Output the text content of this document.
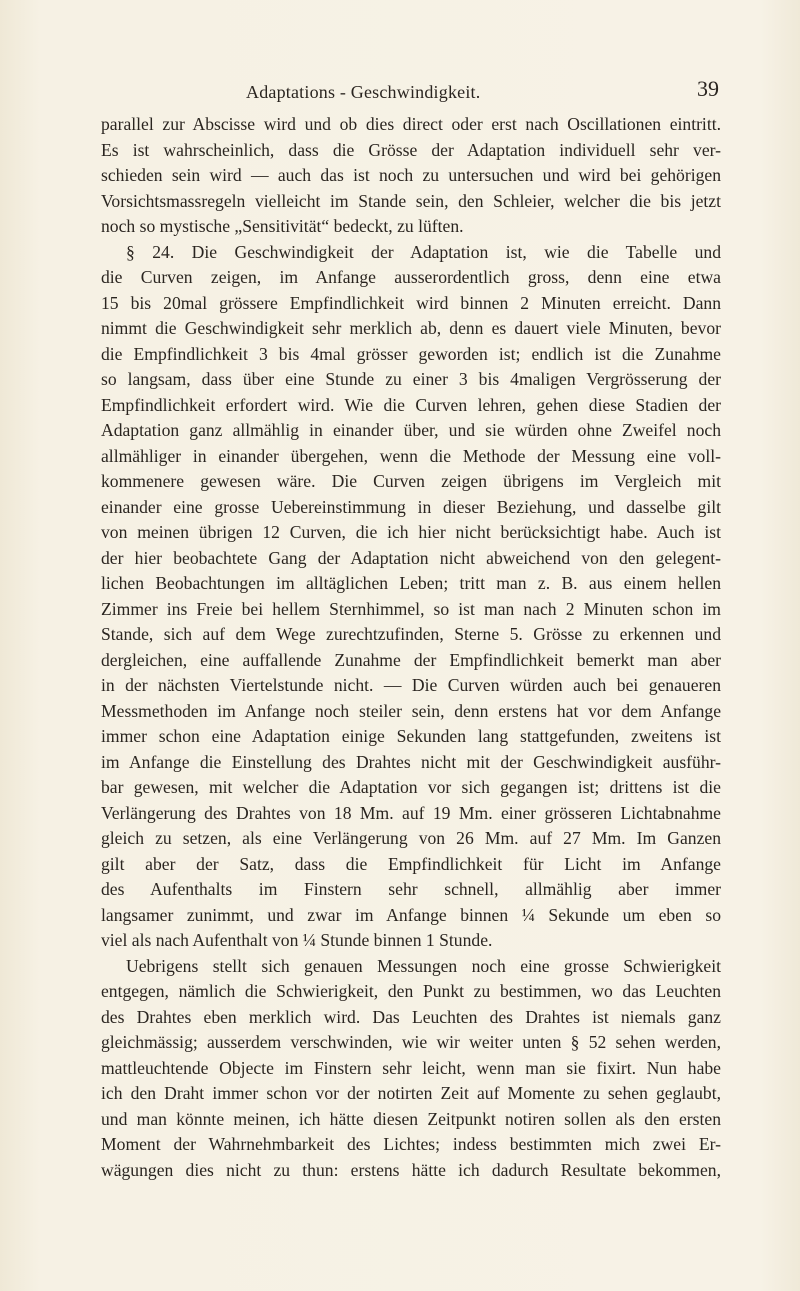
Adaptations - Geschwindigkeit.	39
parallel zur Abscisse wird und ob dies direct oder erst nach Oscillationen eintritt.
Es ist wahrscheinlich, dass die Grösse der Adaptation individuell sehr ver-
schieden sein wird — auch das ist noch zu untersuchen und wird bei gehörigen
Vorsichtsmassregeln vielleicht im Stande sein, den Schleier, welcher die bis jetzt
noch so mystische „Sensitivität“ bedeckt, zu lüften.
§ 24. Die Geschwindigkeit der Adaptation ist, wie die Tabelle und
die Curven zeigen, im Anfange ausserordentlich gross, denn eine etwa
15 bis 20mal grössere Empfindlichkeit wird binnen 2 Minuten erreicht. Dann
nimmt die Geschwindigkeit sehr merklich ab, denn es dauert viele Minuten, bevor
die Empfindlichkeit 3 bis 4mal grösser geworden ist; endlich ist die Zunahme
so langsam, dass über eine Stunde zu einer 3 bis 4maligen Vergrösserung der
Empfindlichkeit erfordert wird. Wie die Curven lehren, gehen diese Stadien der
Adaptation ganz allmählig in einander über, und sie würden ohne Zweifel noch
allmähliger in einander übergehen, wenn die Methode der Messung eine voll-
kommenere gewesen wäre. Die Curven zeigen übrigens im Vergleich mit
einander eine grosse Uebereinstimmung in dieser Beziehung, und dasselbe gilt
von meinen übrigen 12 Curven, die ich hier nicht berücksichtigt habe. Auch ist
der hier beobachtete Gang der Adaptation nicht abweichend von den gelegent-
lichen Beobachtungen im alltäglichen Leben; tritt man z. B. aus einem hellen
Zimmer ins Freie bei hellem Sternhimmel, so ist man nach 2 Minuten schon im
Stande, sich auf dem Wege zurechtzufinden, Sterne 5. Grösse zu erkennen und
dergleichen, eine auffallende Zunahme der Empfindlichkeit bemerkt man aber
in der nächsten Viertelstunde nicht. — Die Curven würden auch bei genaueren
Messmethoden im Anfange noch steiler sein, denn erstens hat vor dem Anfange
immer schon eine Adaptation einige Sekunden lang stattgefunden, zweitens ist
im Anfange die Einstellung des Drahtes nicht mit der Geschwindigkeit ausführ-
bar gewesen, mit welcher die Adaptation vor sich gegangen ist; drittens ist die
Verlängerung des Drahtes von 18 Mm. auf 19 Mm. einer grösseren Lichtabnahme
gleich zu setzen, als eine Verlängerung von 26 Mm. auf 27 Mm. Im Ganzen
gilt aber der Satz, dass die Empfindlichkeit für Licht im Anfange
des Aufenthalts im Finstern sehr schnell, allmählig aber immer
langsamer zunimmt, und zwar im Anfange binnen ¼ Sekunde um eben so
viel als nach Aufenthalt von ¼ Stunde binnen 1 Stunde.
Uebrigens stellt sich genauen Messungen noch eine grosse Schwierigkeit
entgegen, nämlich die Schwierigkeit, den Punkt zu bestimmen, wo das Leuchten
des Drahtes eben merklich wird. Das Leuchten des Drahtes ist niemals ganz
gleichmässig; ausserdem verschwinden, wie wir weiter unten § 52 sehen werden,
mattleuchtende Objecte im Finstern sehr leicht, wenn man sie fixirt. Nun habe
ich den Draht immer schon vor der notirten Zeit auf Momente zu sehen geglaubt,
und man könnte meinen, ich hätte diesen Zeitpunkt notiren sollen als den ersten
Moment der Wahrnehmbarkeit des Lichtes; indess bestimmten mich zwei Er-
wägungen dies nicht zu thun: erstens hätte ich dadurch Resultate bekommen,
